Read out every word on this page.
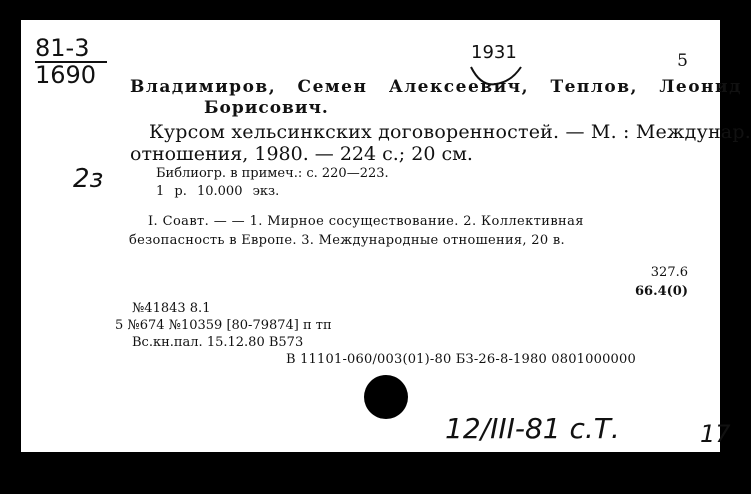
81-3
1690
1931	5
Владимиров, Семен Алексеевич, Теплов, Леонид
Борисович.
Курсом хельсинкских договоренностей. — М. : Междунар.
отношения, 1980. — 224 с.; 20 см.
2з	Библиогр. в примеч.: с. 220—223.
1 р. 10.000 экз.
I. Соавт. — — 1. Мирное сосуществование. 2. Коллективная
безопасность в Европе. 3. Международные отношения, 20 в.
327.6
66.4(0)
№41843 8.1
5 №674 №10359 [80-79874] п тп
Вс.кн.пал. 15.12.80 В573
В 11101-060/003(01)-80 БЗ-26-8-1980 0801000000
12/III-81 с.Т.	17
